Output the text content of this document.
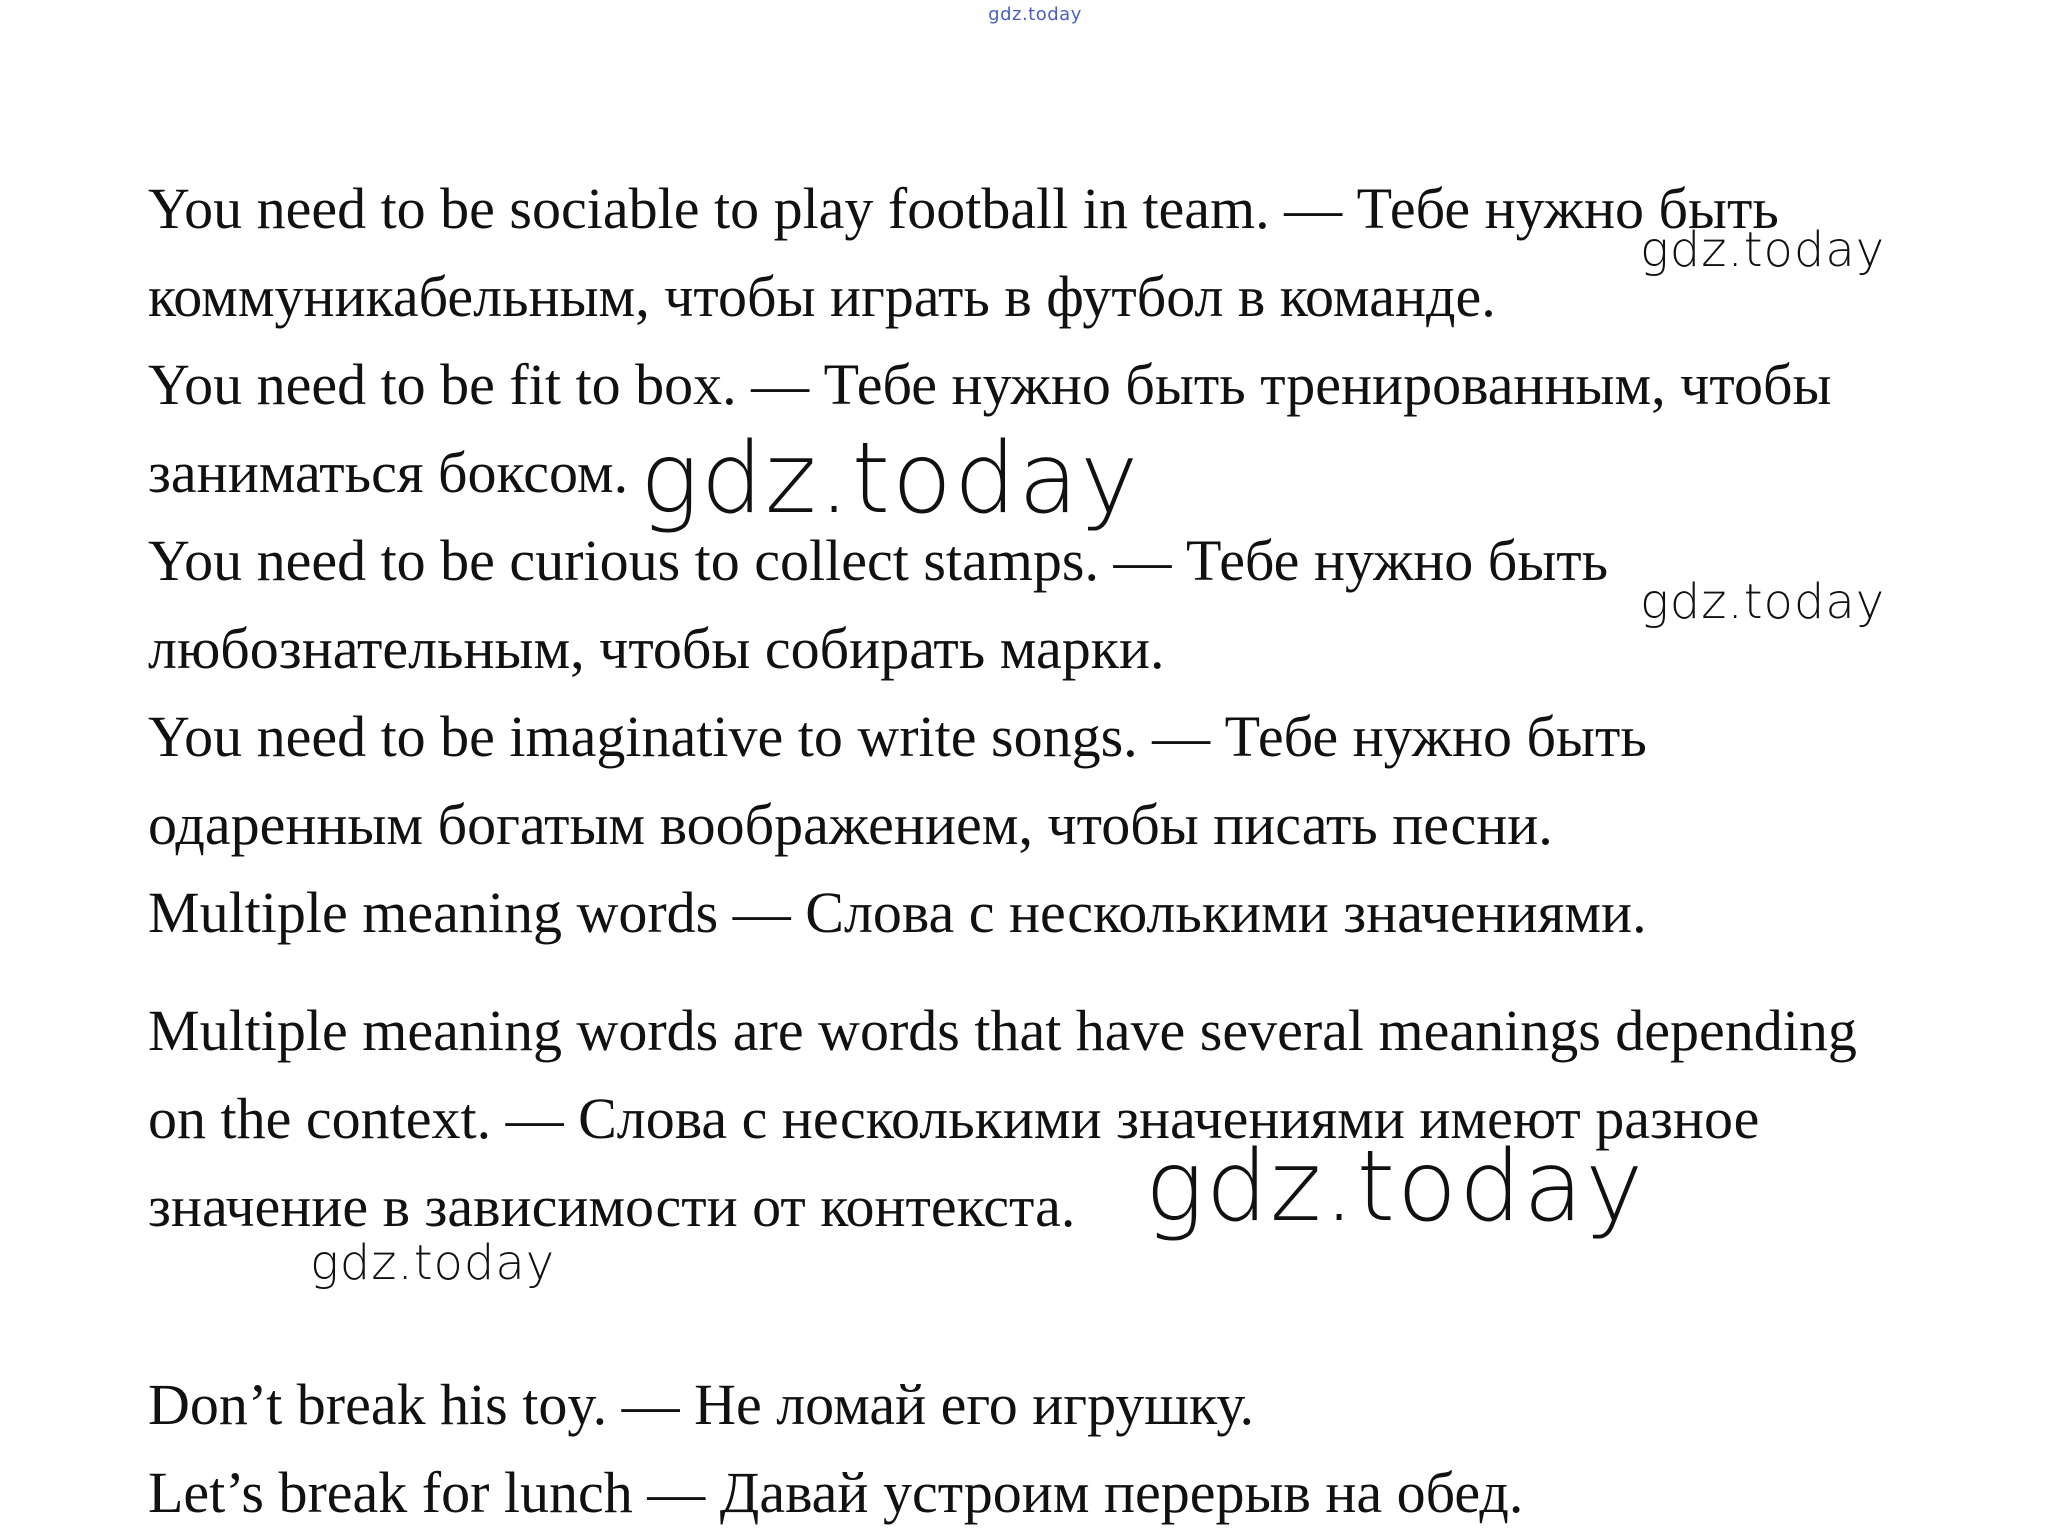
gdz.today

You need to be sociable to play football in team. — Тебе нужно быть

коммуникабельным, чтобы играть в футбол в команде.

You need to be fit to box. — Тебе нужно быть тренированным, чтобы

заниматься боксом.

You need to be curious to collect stamps. — Тебе нужно быть

любознательным, чтобы собирать марки.

You need to be imaginative to write songs. — Тебе нужно быть

одаренным богатым воображением, чтобы писать песни.

Multiple meaning words — Слова с несколькими значениями.

Multiple meaning words are words that have several meanings depending

on the context. — Слова с несколькими значениями имеют разное

значение в зависимости от контекста.

Don’t break his toy. — Не ломай его игрушку.

Let’s break for lunch — Давай устроим перерыв на обед.

gdz.today
gdz.today
gdz.today
gdz.today
gdz.today
